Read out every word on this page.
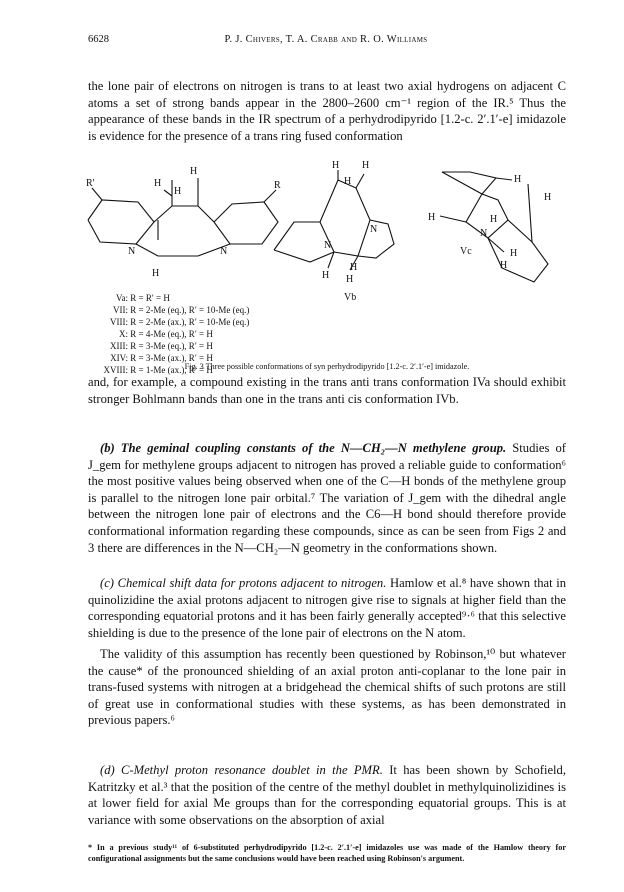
6628	P. J. Chivers, T. A. Crabb and R. O. Williams

the lone pair of electrons on nitrogen is trans to at least two axial hydrogens on adjacent C atoms a set of strong bands appear in the 2800–2600 cm⁻¹ region of the IR.⁵ Thus the appearance of these bands in the IR spectrum of a perhydrodipyrido [1.2-c. 2′.1′-e] imidazole is evidence for the presence of a trans ring fused conformation

H
H
H
H
R'	R
N	N
H H
H
H
H
H
N
N
Vb
H
H
H	H
H
H
N
Vc
Va: R = R′ = H
VII: R = 2-Me (eq.), R′ = 10-Me (eq.)
VIII: R = 2-Me (ax.), R′ = 10-Me (eq.)
X: R = 4-Me (eq.), R′ = H
XIII: R = 3-Me (eq.), R′ = H
XIV: R = 3-Me (ax.), R′ = H
XVIII: R = 1-Me (ax.), R′ = H
Fig. 3 Three possible conformations of syn perhydrodipyrido [1.2-c. 2′.1′-e] imidazole.

and, for example, a compound existing in the trans anti trans conformation IVa should exhibit stronger Bohlmann bands than one in the trans anti cis conformation IVb.

(b) The geminal coupling constants of the N—CH₂—N methylene group. Studies of J_gem for methylene groups adjacent to nitrogen has proved a reliable guide to conformation⁶ the most positive values being observed when one of the C—H bonds of the methylene group is parallel to the nitrogen lone pair orbital.⁷ The variation of J_gem with the dihedral angle between the nitrogen lone pair of electrons and the C6—H bond should therefore provide conformational information regarding these compounds, since as can be seen from Figs 2 and 3 there are differences in the N—CH₂—N geometry in the conformations shown.

(c) Chemical shift data for protons adjacent to nitrogen. Hamlow et al.⁸ have shown that in quinolizidine the axial protons adjacent to nitrogen give rise to signals at higher field than the corresponding equatorial protons and it has been fairly generally accepted⁹·⁶ that this selective shielding is due to the presence of the lone pair of electrons on the N atom.

The validity of this assumption has recently been questioned by Robinson,¹⁰ but whatever the cause* of the pronounced shielding of an axial proton anti-coplanar to the lone pair in trans-fused systems with nitrogen at a bridgehead the chemical shifts of such protons are still of great use in conformational studies with these systems, as has been demonstrated in previous papers.⁶

(d) C-Methyl proton resonance doublet in the PMR. It has been shown by Schofield, Katritzky et al.³ that the position of the centre of the methyl doublet in methylquinolizidines is at lower field for axial Me groups than for the corresponding equatorial groups. This is at variance with some observations on the absorption of axial

* In a previous study¹¹ of 6-substituted perhydrodipyrido [1.2-c. 2′.1′-e] imidazoles use was made of the Hamlow theory for configurational assignments but the same conclusions would have been reached using Robinson's argument.
